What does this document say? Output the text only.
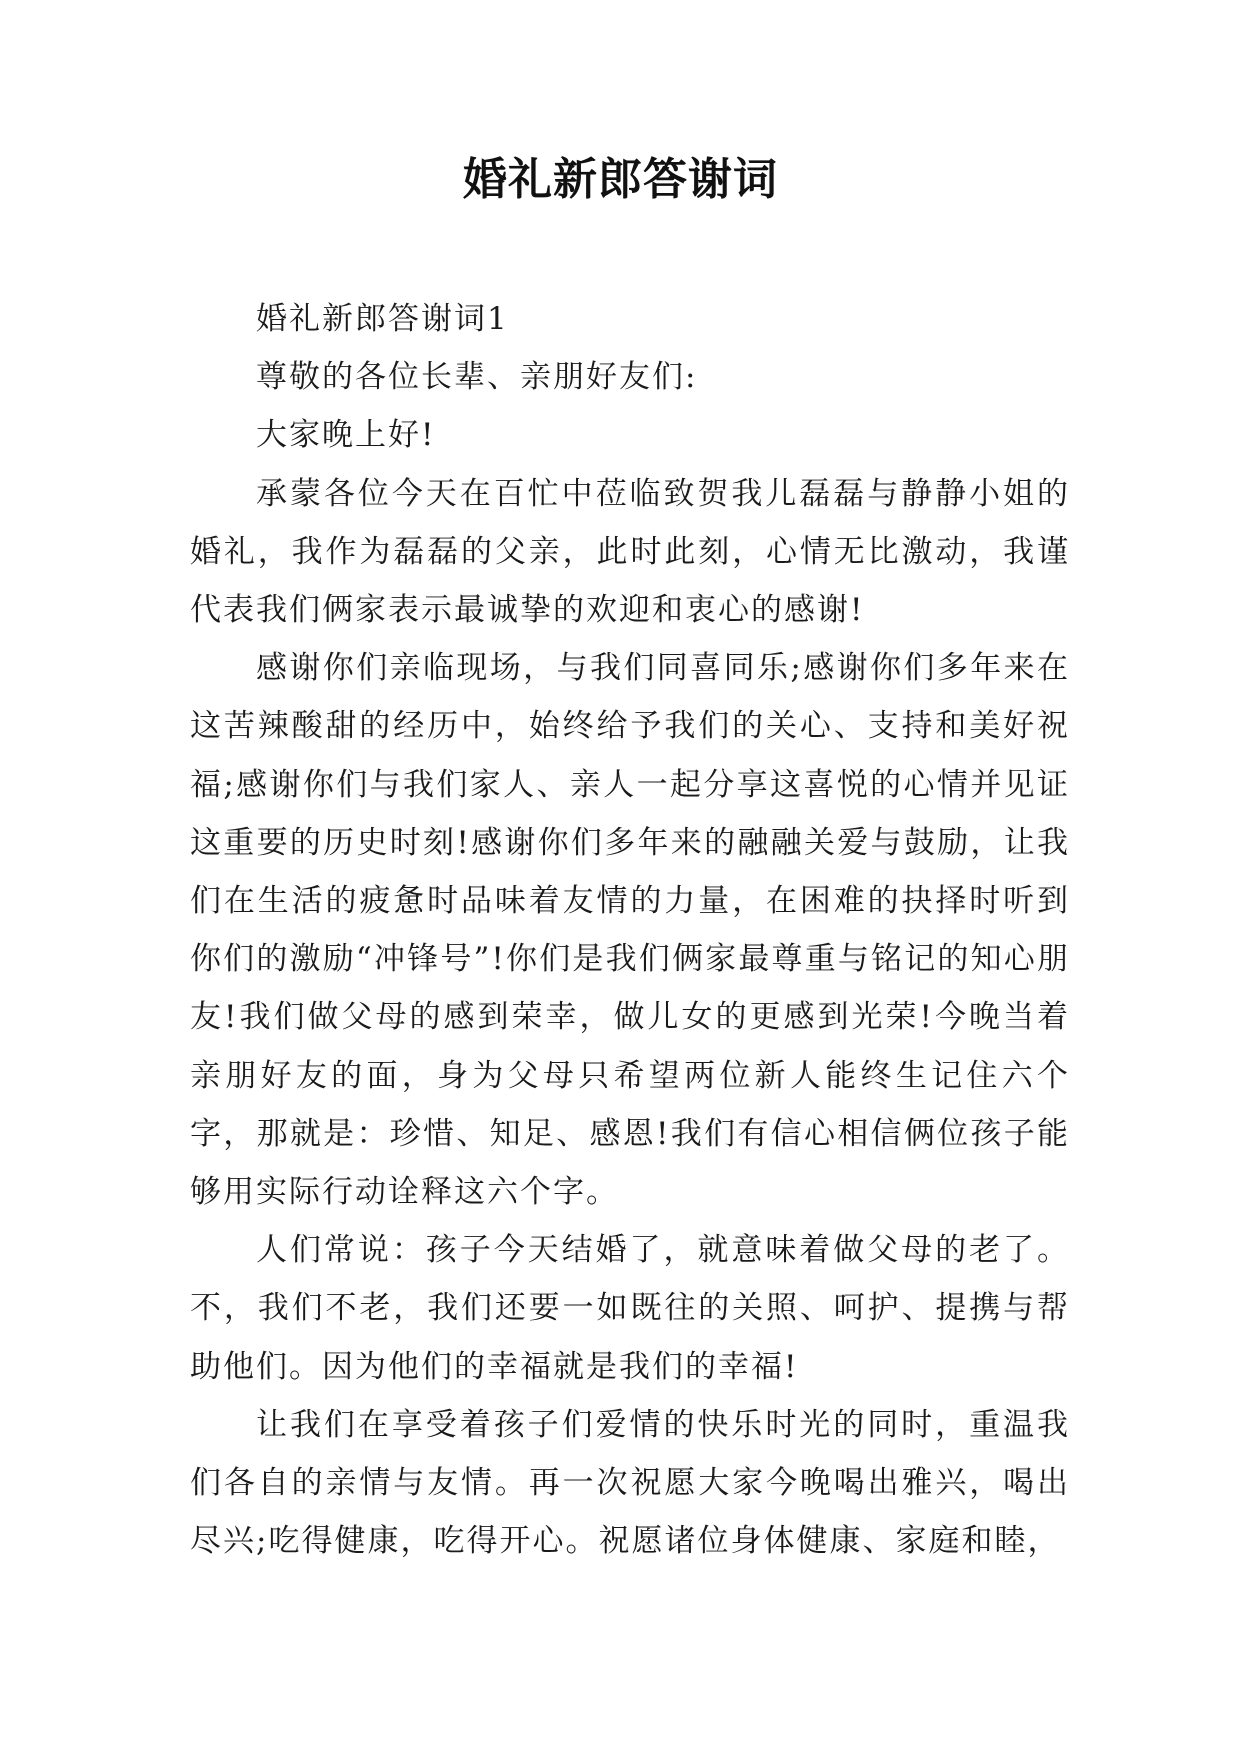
婚礼新郎答谢词

婚礼新郎答谢词1

尊敬的各位长辈、亲朋好友们:

大家晚上好!

承蒙各位今天在百忙中莅临致贺我儿磊磊与静静小姐的婚礼，我作为磊磊的父亲，此时此刻，心情无比激动，我谨代表我们俩家表示最诚挚的欢迎和衷心的感谢!

感谢你们亲临现场，与我们同喜同乐;感谢你们多年来在这苦辣酸甜的经历中，始终给予我们的关心、支持和美好祝福;感谢你们与我们家人、亲人一起分享这喜悦的心情并见证这重要的历史时刻!感谢你们多年来的融融关爱与鼓励，让我们在生活的疲惫时品味着友情的力量，在困难的抉择时听到你们的激励“冲锋号”!你们是我们俩家最尊重与铭记的知心朋友!我们做父母的感到荣幸，做儿女的更感到光荣!今晚当着亲朋好友的面，身为父母只希望两位新人能终生记住六个字，那就是：珍惜、知足、感恩!我们有信心相信俩位孩子能够用实际行动诠释这六个字。

人们常说：孩子今天结婚了，就意味着做父母的老了。不，我们不老，我们还要一如既往的关照、呵护、提携与帮助他们。因为他们的幸福就是我们的幸福!

让我们在享受着孩子们爱情的快乐时光的同时，重温我们各自的亲情与友情。再一次祝愿大家今晚喝出雅兴，喝出尽兴;吃得健康，吃得开心。祝愿诸位身体健康、家庭和睦，
